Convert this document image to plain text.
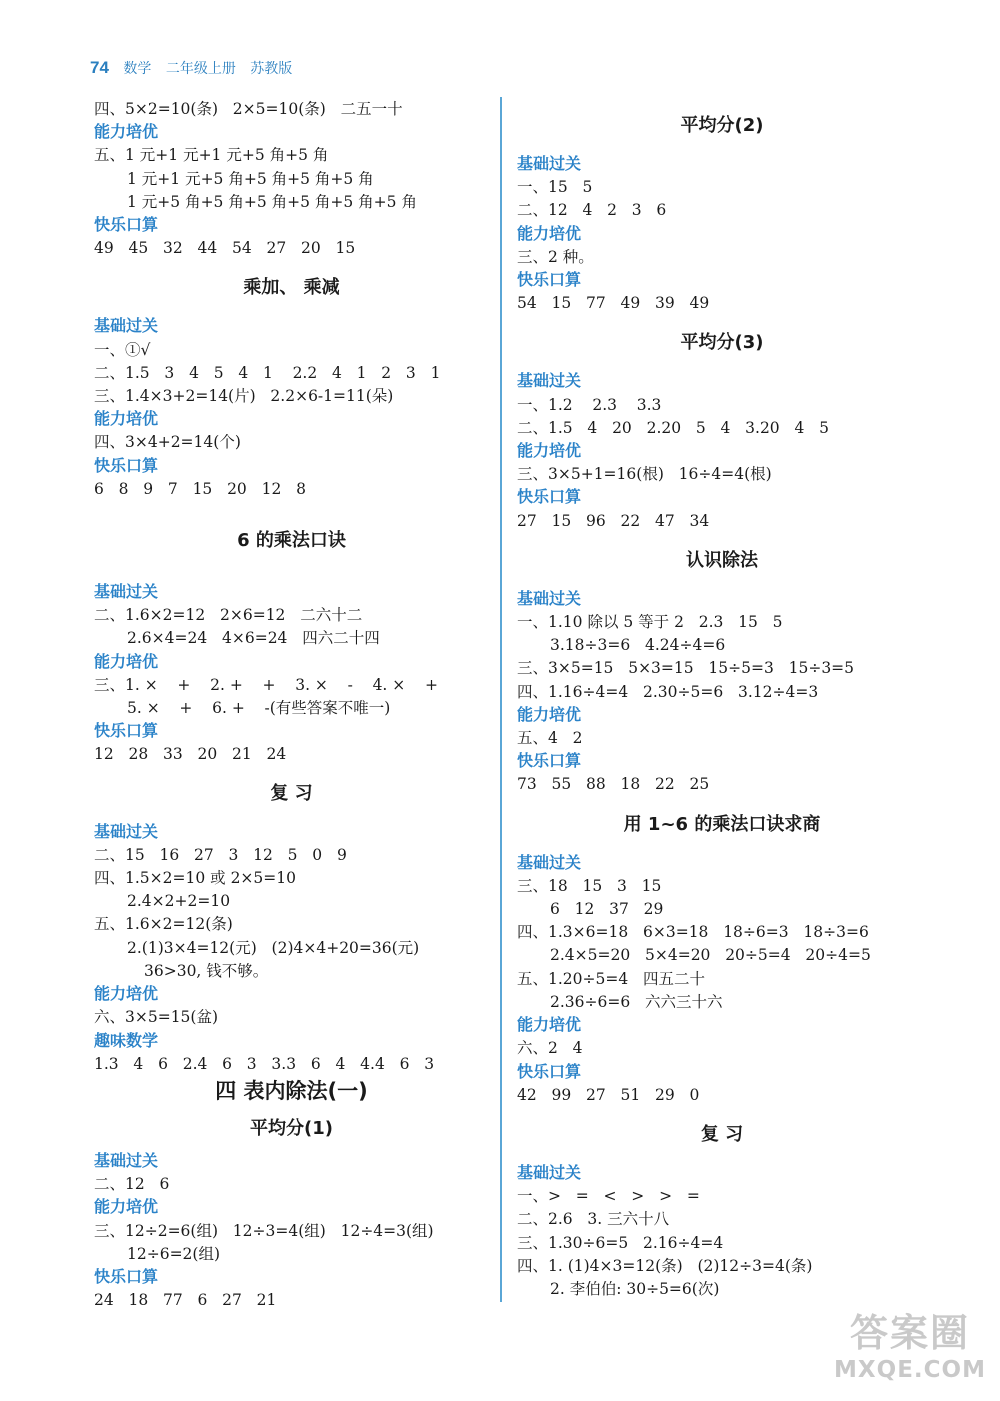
74 数学 二年级上册 苏教版
四、5×2=10(条)   2×5=10(条)   二五一十
能力培优
五、1 元+1 元+1 元+5 角+5 角
1 元+1 元+5 角+5 角+5 角+5 角
1 元+5 角+5 角+5 角+5 角+5 角+5 角
快乐口算
49   45   32   44   54   27   20   15
乘加、 乘减
基础过关
一、①√
二、1.5   3   4   5   4   1    2.2   4   1   2   3   1
三、1.4×3+2=14(片)   2.2×6-1=11(朵)
能力培优
四、3×4+2=14(个)
快乐口算
6   8   9   7   15   20   12   8
6 的乘法口诀
基础过关
二、1.6×2=12   2×6=12   二六十二
2.6×4=24   4×6=24   四六二十四
能力培优
三、1. ×    +    2. +    +    3. ×    -    4. ×    +
5. ×    +    6. +    -(有些答案不唯一)
快乐口算
12   28   33   20   21   24
复 习
基础过关
二、15   16   27   3   12   5   0   9
四、1.5×2=10 或 2×5=10
2.4×2+2=10
五、1.6×2=12(条)
2.(1)3×4=12(元)   (2)4×4+20=36(元)
36>30, 钱不够。
能力培优
六、3×5=15(盆)
趣味数学
1.3   4   6   2.4   6   3   3.3   6   4   4.4   6   3
四 表内除法(一)
平均分(1)
基础过关
二、12   6
能力培优
三、12÷2=6(组)   12÷3=4(组)   12÷4=3(组)
12÷6=2(组)
快乐口算
24   18   77   6   27   21
平均分(2)
基础过关
一、15   5
二、12   4   2   3   6
能力培优
三、2 种。
快乐口算
54   15   77   49   39   49
平均分(3)
基础过关
一、1.2    2.3    3.3
二、1.5   4   20   2.20   5   4   3.20   4   5
能力培优
三、3×5+1=16(根)   16÷4=4(根)
快乐口算
27   15   96   22   47   34
认识除法
基础过关
一、1.10 除以 5 等于 2   2.3   15   5
3.18÷3=6   4.24÷4=6
三、3×5=15   5×3=15   15÷5=3   15÷3=5
四、1.16÷4=4   2.30÷5=6   3.12÷4=3
能力培优
五、4   2
快乐口算
73   55   88   18   22   25
用 1~6 的乘法口诀求商
基础过关
三、18   15   3   15
6   12   37   29
四、1.3×6=18   6×3=18   18÷6=3   18÷3=6
2.4×5=20   5×4=20   20÷5=4   20÷4=5
五、1.20÷5=4   四五二十
2.36÷6=6   六六三十六
能力培优
六、2   4
快乐口算
42   99   27   51   29   0
复 习
基础过关
一、>   =   <   >   >   =
二、2.6   3. 三六十八
三、1.30÷6=5   2.16÷4=4
四、1. (1)4×3=12(条)   (2)12÷3=4(条)
2. 李伯伯: 30÷5=6(次)
答案圈
MXQE.COM
